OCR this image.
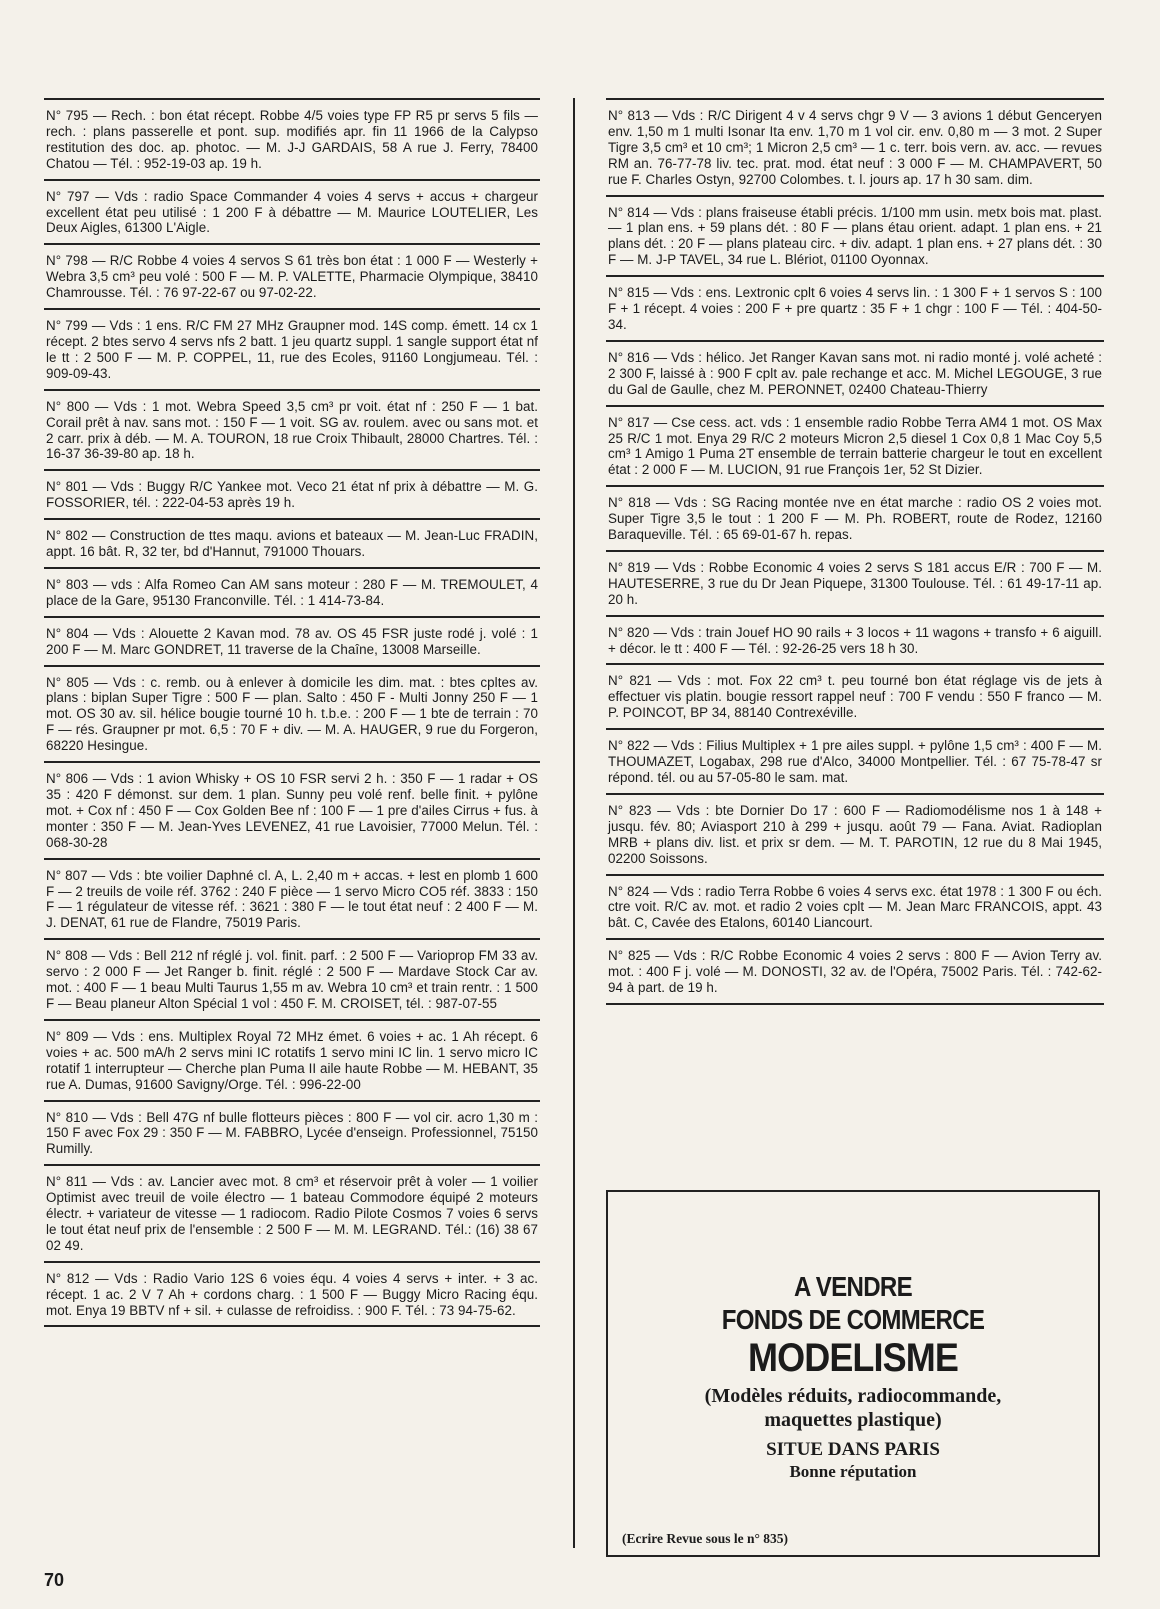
N° 795 — Rech. : bon état récept. Robbe 4/5 voies type FP R5 pr servs 5 fils — rech. : plans passerelle et pont. sup. modifiés apr. fin 11 1966 de la Calypso restitution des doc. ap. photoc. — M. J-J GARDAIS, 58 A rue J. Ferry, 78400 Chatou — Tél. : 952-19-03 ap. 19 h.
N° 797 — Vds : radio Space Commander 4 voies 4 servs + accus + chargeur excellent état peu utilisé : 1 200 F à débattre — M. Maurice LOUTELIER, Les Deux Aigles, 61300 L'Aigle.
N° 798 — R/C Robbe 4 voies 4 servos S 61 très bon état : 1 000 F — Westerly + Webra 3,5 cm³ peu volé : 500 F — M. P. VALETTE, Pharmacie Olympique, 38410 Chamrousse. Tél. : 76 97-22-67 ou 97-02-22.
N° 799 — Vds : 1 ens. R/C FM 27 MHz Graupner mod. 14S comp. émett. 14 cx 1 récept. 2 btes servo 4 servs nfs 2 batt. 1 jeu quartz suppl. 1 sangle support état nf le tt : 2 500 F — M. P. COPPEL, 11, rue des Ecoles, 91160 Longjumeau. Tél. : 909-09-43.
N° 800 — Vds : 1 mot. Webra Speed 3,5 cm³ pr voit. état nf : 250 F — 1 bat. Corail prêt à nav. sans mot. : 150 F — 1 voit. SG av. roulem. avec ou sans mot. et 2 carr. prix à déb. — M. A. TOURON, 18 rue Croix Thibault, 28000 Chartres. Tél. : 16-37 36-39-80 ap. 18 h.
N° 801 — Vds : Buggy R/C Yankee mot. Veco 21 état nf prix à débattre — M. G. FOSSORIER, tél. : 222-04-53 après 19 h.
N° 802 — Construction de ttes maqu. avions et bateaux — M. Jean-Luc FRADIN, appt. 16 bât. R, 32 ter, bd d'Hannut, 791000 Thouars.
N° 803 — vds : Alfa Romeo Can AM sans moteur : 280 F — M. TREMOULET, 4 place de la Gare, 95130 Franconville. Tél. : 1 414-73-84.
N° 804 — Vds : Alouette 2 Kavan mod. 78 av. OS 45 FSR juste rodé j. volé : 1 200 F — M. Marc GONDRET, 11 traverse de la Chaîne, 13008 Marseille.
N° 805 — Vds : c. remb. ou à enlever à domicile les dim. mat. : btes cpltes av. plans : biplan Super Tigre : 500 F — plan. Salto : 450 F - Multi Jonny 250 F — 1 mot. OS 30 av. sil. hélice bougie tourné 10 h. t.b.e. : 200 F — 1 bte de terrain : 70 F — rés. Graupner pr mot. 6,5 : 70 F + div. — M. A. HAUGER, 9 rue du Forgeron, 68220 Hesingue.
N° 806 — Vds : 1 avion Whisky + OS 10 FSR servi 2 h. : 350 F — 1 radar + OS 35 : 420 F démonst. sur dem. 1 plan. Sunny peu volé renf. belle finit. + pylône mot. + Cox nf : 450 F — Cox Golden Bee nf : 100 F — 1 pre d'ailes Cirrus + fus. à monter : 350 F — M. Jean-Yves LEVENEZ, 41 rue Lavoisier, 77000 Melun. Tél. : 068-30-28
N° 807 — Vds : bte voilier Daphné cl. A, L. 2,40 m + accas. + lest en plomb 1 600 F — 2 treuils de voile réf. 3762 : 240 F pièce — 1 servo Micro CO5 réf. 3833 : 150 F — 1 régulateur de vitesse réf. : 3621 : 380 F — le tout état neuf : 2 400 F — M. J. DENAT, 61 rue de Flandre, 75019 Paris.
N° 808 — Vds : Bell 212 nf réglé j. vol. finit. parf. : 2 500 F — Varioprop FM 33 av. servo : 2 000 F — Jet Ranger b. finit. réglé : 2 500 F — Mardave Stock Car av. mot. : 400 F — 1 beau Multi Taurus 1,55 m av. Webra 10 cm³ et train rentr. : 1 500 F — Beau planeur Alton Spécial 1 vol : 450 F. M. CROISET, tél. : 987-07-55
N° 809 — Vds : ens. Multiplex Royal 72 MHz émet. 6 voies + ac. 1 Ah récept. 6 voies + ac. 500 mA/h 2 servs mini IC rotatifs 1 servo mini IC lin. 1 servo micro IC rotatif 1 interrupteur — Cherche plan Puma II aile haute Robbe — M. HEBANT, 35 rue A. Dumas, 91600 Savigny/Orge. Tél. : 996-22-00
N° 810 — Vds : Bell 47G nf bulle flotteurs pièces : 800 F — vol cir. acro 1,30 m : 150 F avec Fox 29 : 350 F — M. FABBRO, Lycée d'enseign. Professionnel, 75150 Rumilly.
N° 811 — Vds : av. Lancier avec mot. 8 cm³ et réservoir prêt à voler — 1 voilier Optimist avec treuil de voile électro — 1 bateau Commodore équipé 2 moteurs électr. + variateur de vitesse — 1 radiocom. Radio Pilote Cosmos 7 voies 6 servs le tout état neuf prix de l'ensemble : 2 500 F — M. M. LEGRAND. Tél.: (16) 38 67 02 49.
N° 812 — Vds : Radio Vario 12S 6 voies équ. 4 voies 4 servs + inter. + 3 ac. récept. 1 ac. 2 V 7 Ah + cordons charg. : 1 500 F — Buggy Micro Racing équ. mot. Enya 19 BBTV nf + sil. + culasse de refroidiss. : 900 F. Tél. : 73 94-75-62.
N° 813 — Vds : R/C Dirigent 4 v 4 servs chgr 9 V — 3 avions 1 début Genceryen env. 1,50 m 1 multi Isonar Ita env. 1,70 m 1 vol cir. env. 0,80 m — 3 mot. 2 Super Tigre 3,5 cm³ et 10 cm³; 1 Micron 2,5 cm³ — 1 c. terr. bois vern. av. acc. — revues RM an. 76-77-78 liv. tec. prat. mod. état neuf : 3 000 F — M. CHAMPAVERT, 50 rue F. Charles Ostyn, 92700 Colombes. t. l. jours ap. 17 h 30 sam. dim.
N° 814 — Vds : plans fraiseuse établi précis. 1/100 mm usin. metx bois mat. plast. — 1 plan ens. + 59 plans dét. : 80 F — plans étau orient. adapt. 1 plan ens. + 21 plans dét. : 20 F — plans plateau circ. + div. adapt. 1 plan ens. + 27 plans dét. : 30 F — M. J-P TAVEL, 34 rue L. Blériot, 01100 Oyonnax.
N° 815 — Vds : ens. Lextronic cplt 6 voies 4 servs lin. : 1 300 F + 1 servos S : 100 F + 1 récept. 4 voies : 200 F + pre quartz : 35 F + 1 chgr : 100 F — Tél. : 404-50-34.
N° 816 — Vds : hélico. Jet Ranger Kavan sans mot. ni radio monté j. volé acheté : 2 300 F, laissé à : 900 F cplt av. pale rechange et acc. M. Michel LEGOUGE, 3 rue du Gal de Gaulle, chez M. PERONNET, 02400 Chateau-Thierry
N° 817 — Cse cess. act. vds : 1 ensemble radio Robbe Terra AM4 1 mot. OS Max 25 R/C 1 mot. Enya 29 R/C 2 moteurs Micron 2,5 diesel 1 Cox 0,8 1 Mac Coy 5,5 cm³ 1 Amigo 1 Puma 2T ensemble de terrain batterie chargeur le tout en excellent état : 2 000 F — M. LUCION, 91 rue François 1er, 52 St Dizier.
N° 818 — Vds : SG Racing montée nve en état marche : radio OS 2 voies mot. Super Tigre 3,5 le tout : 1 200 F — M. Ph. ROBERT, route de Rodez, 12160 Baraqueville. Tél. : 65 69-01-67 h. repas.
N° 819 — Vds : Robbe Economic 4 voies 2 servs S 181 accus E/R : 700 F — M. HAUTESERRE, 3 rue du Dr Jean Piquepe, 31300 Toulouse. Tél. : 61 49-17-11 ap. 20 h.
N° 820 — Vds : train Jouef HO 90 rails + 3 locos + 11 wagons + transfo + 6 aiguill. + décor. le tt : 400 F — Tél. : 92-26-25 vers 18 h 30.
N° 821 — Vds : mot. Fox 22 cm³ t. peu tourné bon état réglage vis de jets à effectuer vis platin. bougie ressort rappel neuf : 700 F vendu : 550 F franco — M. P. POINCOT, BP 34, 88140 Contrexéville.
N° 822 — Vds : Filius Multiplex + 1 pre ailes suppl. + pylône 1,5 cm³ : 400 F — M. THOUMAZET, Logabax, 298 rue d'Alco, 34000 Montpellier. Tél. : 67 75-78-47 sr répond. tél. ou au 57-05-80 le sam. mat.
N° 823 — Vds : bte Dornier Do 17 : 600 F — Radiomodélisme nos 1 à 148 + jusqu. fév. 80; Aviasport 210 à 299 + jusqu. août 79 — Fana. Aviat. Radioplan MRB + plans div. list. et prix sr dem. — M. T. PAROTIN, 12 rue du 8 Mai 1945, 02200 Soissons.
N° 824 — Vds : radio Terra Robbe 6 voies 4 servs exc. état 1978 : 1 300 F ou éch. ctre voit. R/C av. mot. et radio 2 voies cplt — M. Jean Marc FRANCOIS, appt. 43 bât. C, Cavée des Etalons, 60140 Liancourt.
N° 825 — Vds : R/C Robbe Economic 4 voies 2 servs : 800 F — Avion Terry av. mot. : 400 F j. volé — M. DONOSTI, 32 av. de l'Opéra, 75002 Paris. Tél. : 742-62-94 à part. de 19 h.
A VENDRE
FONDS DE COMMERCE
MODELISME
(Modèles réduits, radiocommande,
maquettes plastique)
SITUE DANS PARIS
Bonne réputation
(Ecrire Revue sous le n° 835)
70
